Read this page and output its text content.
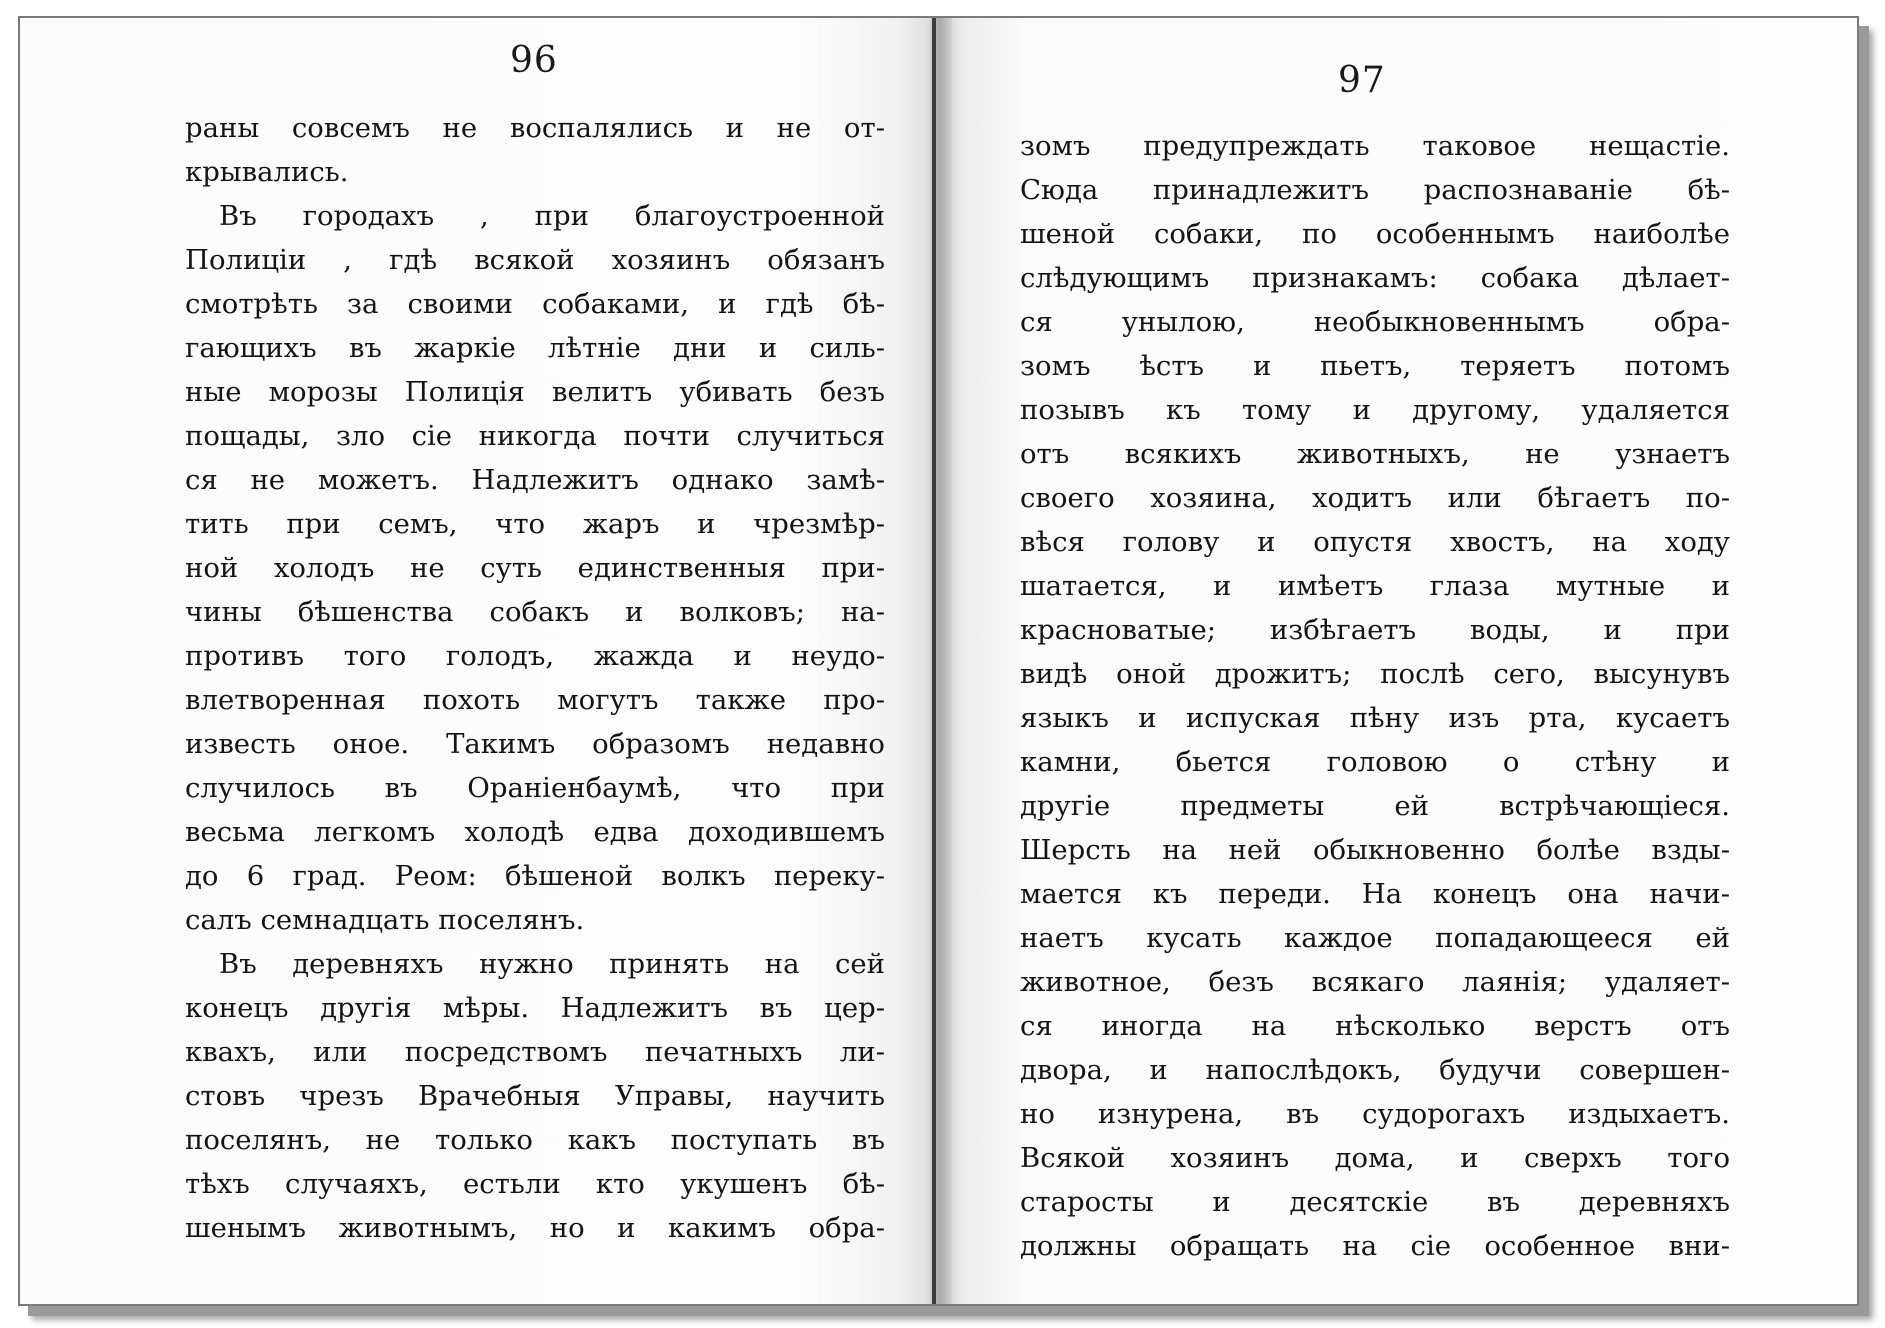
96
раны совсемъ не воспалялись и не от-
крывались.
Въ городахъ , при благоустроенной
Полиціи , гдѣ всякой хозяинъ обязанъ
смотрѣть за своими собаками, и гдѣ бѣ-
гающихъ въ жаркіе лѣтніе дни и силь-
ные морозы Полиція велитъ убивать безъ
пощады, зло сіе никогда почти случиться
ся не можетъ. Надлежитъ однако замѣ-
тить при семъ, что жаръ и чрезмѣр-
ной холодъ не суть единственныя при-
чины бѣшенства собакъ и волковъ; на-
противъ того голодъ, жажда и неудо-
влетворенная похоть могутъ также про-
известь оное. Такимъ образомъ недавно
случилось въ Ораніенбаумѣ, что при
весьма легкомъ холодѣ едва доходившемъ
до 6 град. Реом: бѣшеной волкъ переку-
салъ семнадцать поселянъ.
Въ деревняхъ нужно принять на сей
конецъ другія мѣры. Надлежитъ въ цер-
квахъ, или посредствомъ печатныхъ ли-
стовъ чрезъ Врачебныя Управы, научить
поселянъ, не только какъ поступать въ
тѣхъ случаяхъ, естьли кто укушенъ бѣ-
шенымъ животнымъ, но и какимъ обра-
97
зомъ предупреждать таковое нещастіе.
Сюда принадлежитъ распознаваніе бѣ-
шеной собаки, по особеннымъ наиболѣе
слѣдующимъ признакамъ: собака дѣлает-
ся унылою, необыкновеннымъ обра-
зомъ ѣстъ и пьетъ, теряетъ потомъ
позывъ къ тому и другому, удаляется
отъ всякихъ животныхъ, не узнаетъ
своего хозяина, ходитъ или бѣгаетъ по-
вѣся голову и опустя хвостъ, на ходу
шатается, и имѣетъ глаза мутные и
красноватые; избѣгаетъ воды, и при
видѣ оной дрожитъ; послѣ сего, высунувъ
языкъ и испуская пѣну изъ рта, кусаетъ
камни, бьется головою о стѣну и
другіе предметы ей встрѣчающіеся.
Шерсть на ней обыкновенно болѣе взды-
мается къ переди. На конецъ она начи-
наетъ кусать каждое попадающееся ей
животное, безъ всякаго лаянія; удаляет-
ся иногда на нѣсколько верстъ отъ
двора, и напослѣдокъ, будучи совершен-
но изнурена, въ судорогахъ издыхаетъ.
Всякой хозяинъ дома, и сверхъ того
старосты и десятскіе въ деревняхъ
должны обращать на сіе особенное вни-
